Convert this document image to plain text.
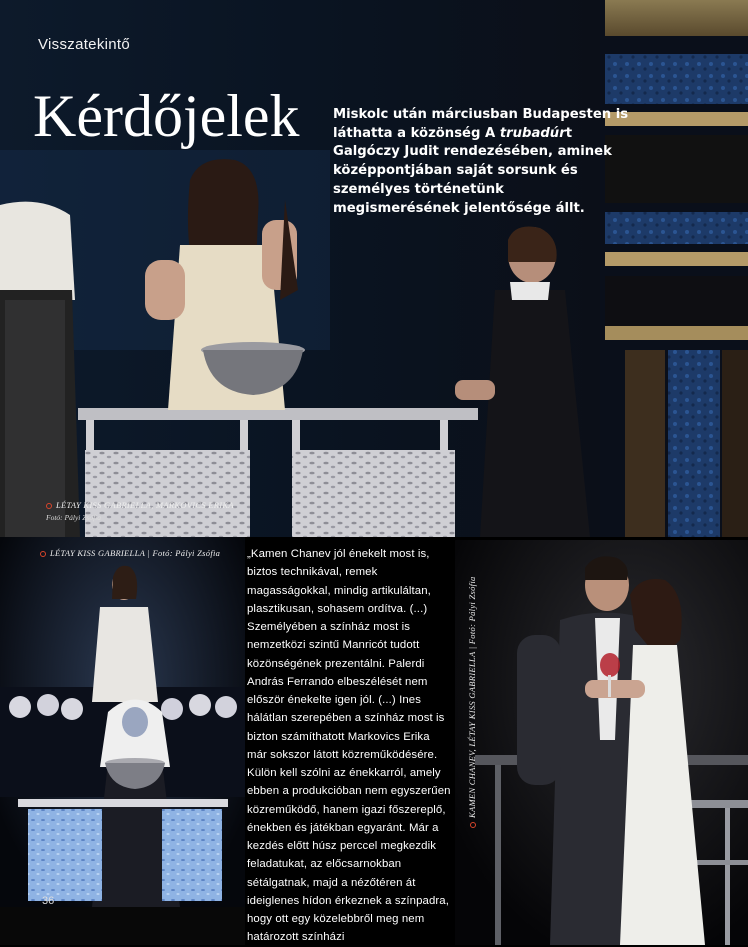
Visszatekintő
Kérdőjelek	Miskolc után márciusban Budapesten is láthatta a közönség A trubadúrt Galgóczy Judit rendezésében, aminek középpontjában saját sorsunk és személyes történetünk megismerésének jelentősége állt.
LÉTAY KISS GABRIELLA, MARKOVICS ERIKA
Fotó: Pályi Zsófia
LÉTAY KISS GABRIELLA | Fotó: Pályi Zsófia
36

„Kamen Chanev jól énekelt most is, biztos technikával, remek magasságokkal, mindig artikuláltan, plasztikusan, sohasem ordítva. (...) Személyében a színház most is nemzetközi szintű Manricót tudott közönségének prezentálni. Palerdi András Ferrando elbeszélését nem először énekelte igen jól. (...) Ines hálátlan szerepében a színház most is bizton számíthatott Markovics Erika már sokszor látott közreműködésére.

Külön kell szólni az énekkarról, amely ebben a produkcióban nem egyszerűen közreműködő, hanem igazi főszereplő, énekben és játékban egyaránt. Már a kezdés előtt húsz perccel megkezdik feladatukat, az előcsarnokban sétálgatnak, majd a nézőtéren át ideiglenes hídon érkeznek a színpadra, hogy ott egy közelebbről meg nem határozott színházi

KAMEN CHANEV, LÉTAY KISS GABRIELLA | Fotó: Pályi Zsófia
